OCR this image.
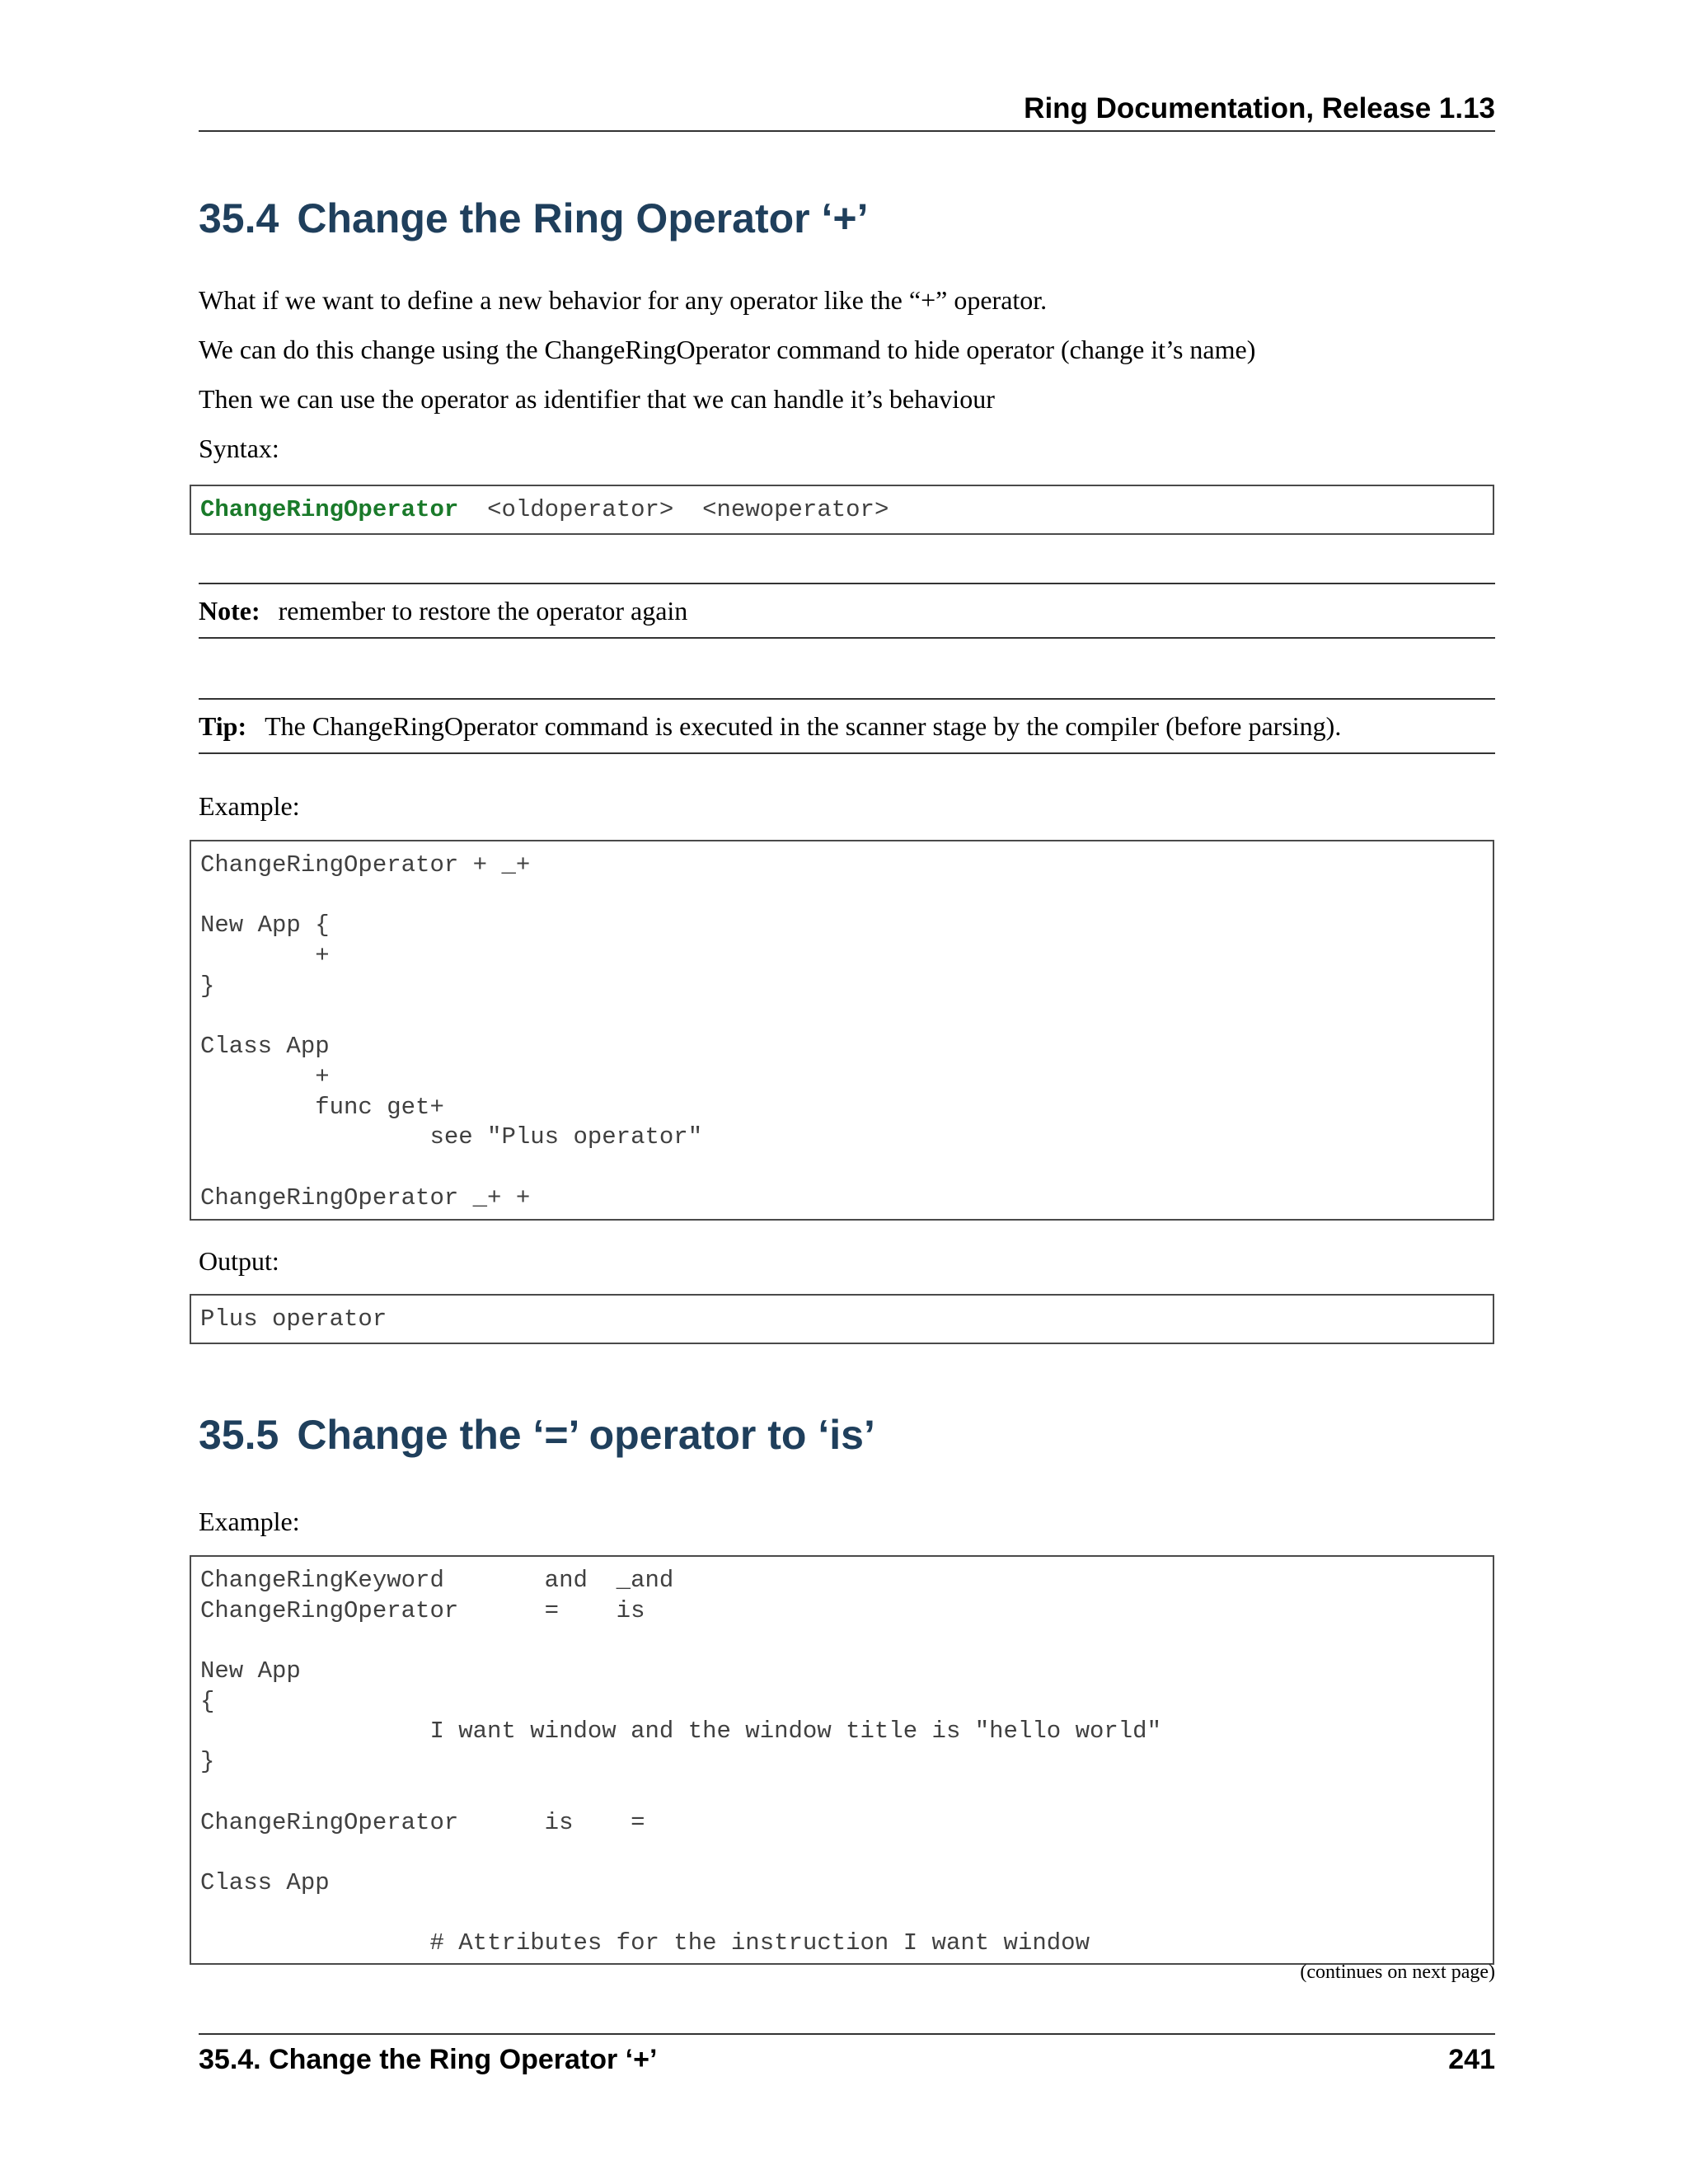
Ring Documentation, Release 1.13
35.4 Change the Ring Operator ‘+’

What if we want to define a new behavior for any operator like the “+” operator.

We can do this change using the ChangeRingOperator command to hide operator (change it’s name)

Then we can use the operator as identifier that we can handle it’s behaviour

Syntax:

ChangeRingOperator  <oldoperator>  <newoperator>
Note: remember to restore the operator again
Tip: The ChangeRingOperator command is executed in the scanner stage by the compiler (before parsing).

Example:

ChangeRingOperator + _+

New App {
+
}

Class App
+
func get+
see "Plus operator"

ChangeRingOperator _+ +

Output:

Plus operator
35.5 Change the ‘=’ operator to ‘is’

Example:

ChangeRingKeyword       and  _and
ChangeRingOperator      =    is

New App
{
I want window and the window title is "hello world"
}

ChangeRingOperator      is    =

Class App

# Attributes for the instruction I want window
(continues on next page)
35.4. Change the Ring Operator ‘+’	241
